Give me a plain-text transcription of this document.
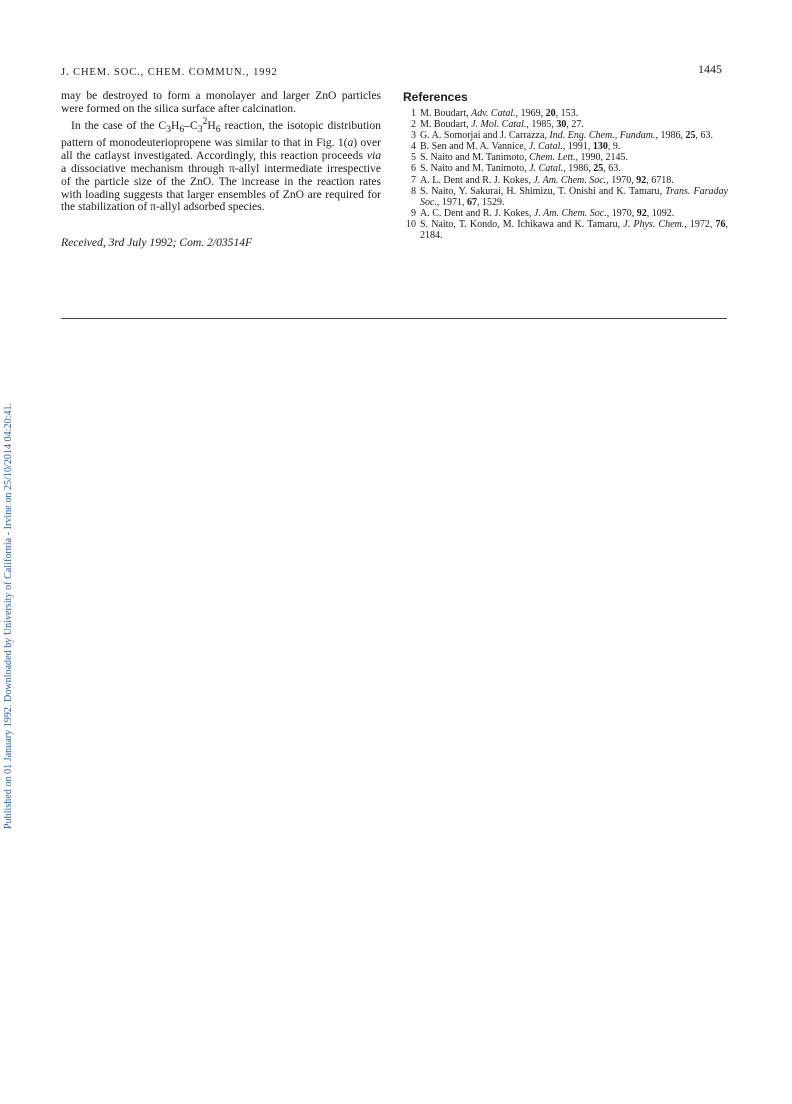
Published on 01 January 1992. Downloaded by University of California - Irvine on 25/10/2014 04:20:41.
J. CHEM. SOC., CHEM. COMMUN., 1992	1445

may be destroyed to form a monolayer and larger ZnO particles were formed on the silica surface after calcination.

In the case of the $C_3H_6-C_3^2H_6$ reaction, the isotopic distribution pattern of monodeuteriopropene was similar to that in Fig. 1(a) over all the catlayst investigated. Accordingly, this reaction proceeds via a dissociative mechanism through π-allyl intermediate irrespective of the particle size of the ZnO. The increase in the reaction rates with loading suggests that larger ensembles of ZnO are required for the stabilization of π-allyl adsorbed species.

Received, 3rd July 1992; Com. 2/03514F

References
1 M. Boudart, Adv. Catal., 1969, 20, 153.
2 M. Boudart, J. Mol. Catal., 1985, 30, 27.
3 G. A. Somorjai and J. Carrazza, Ind. Eng. Chem., Fundam., 1986, 25, 63.
4 B. Sen and M. A. Vannice, J. Catal., 1991, 130, 9.
5 S. Naito and M. Tanimoto, Chem. Lett., 1990, 2145.
6 S. Naito and M. Tanimoto, J. Catal., 1986, 25, 63.
7 A. L. Dent and R. J. Kokes, J. Am. Chem. Soc., 1970, 92, 6718.
8 S. Naito, Y. Sakurai, H. Shimizu, T. Onishi and K. Tamaru, Trans. Faraday Soc., 1971, 67, 1529.
9 A. C. Dent and R. J. Kokes, J. Am. Chem. Soc., 1970, 92, 1092.
10 S. Naito, T. Kondo, M. Ichikawa and K. Tamaru, J. Phys. Chem., 1972, 76, 2184.
